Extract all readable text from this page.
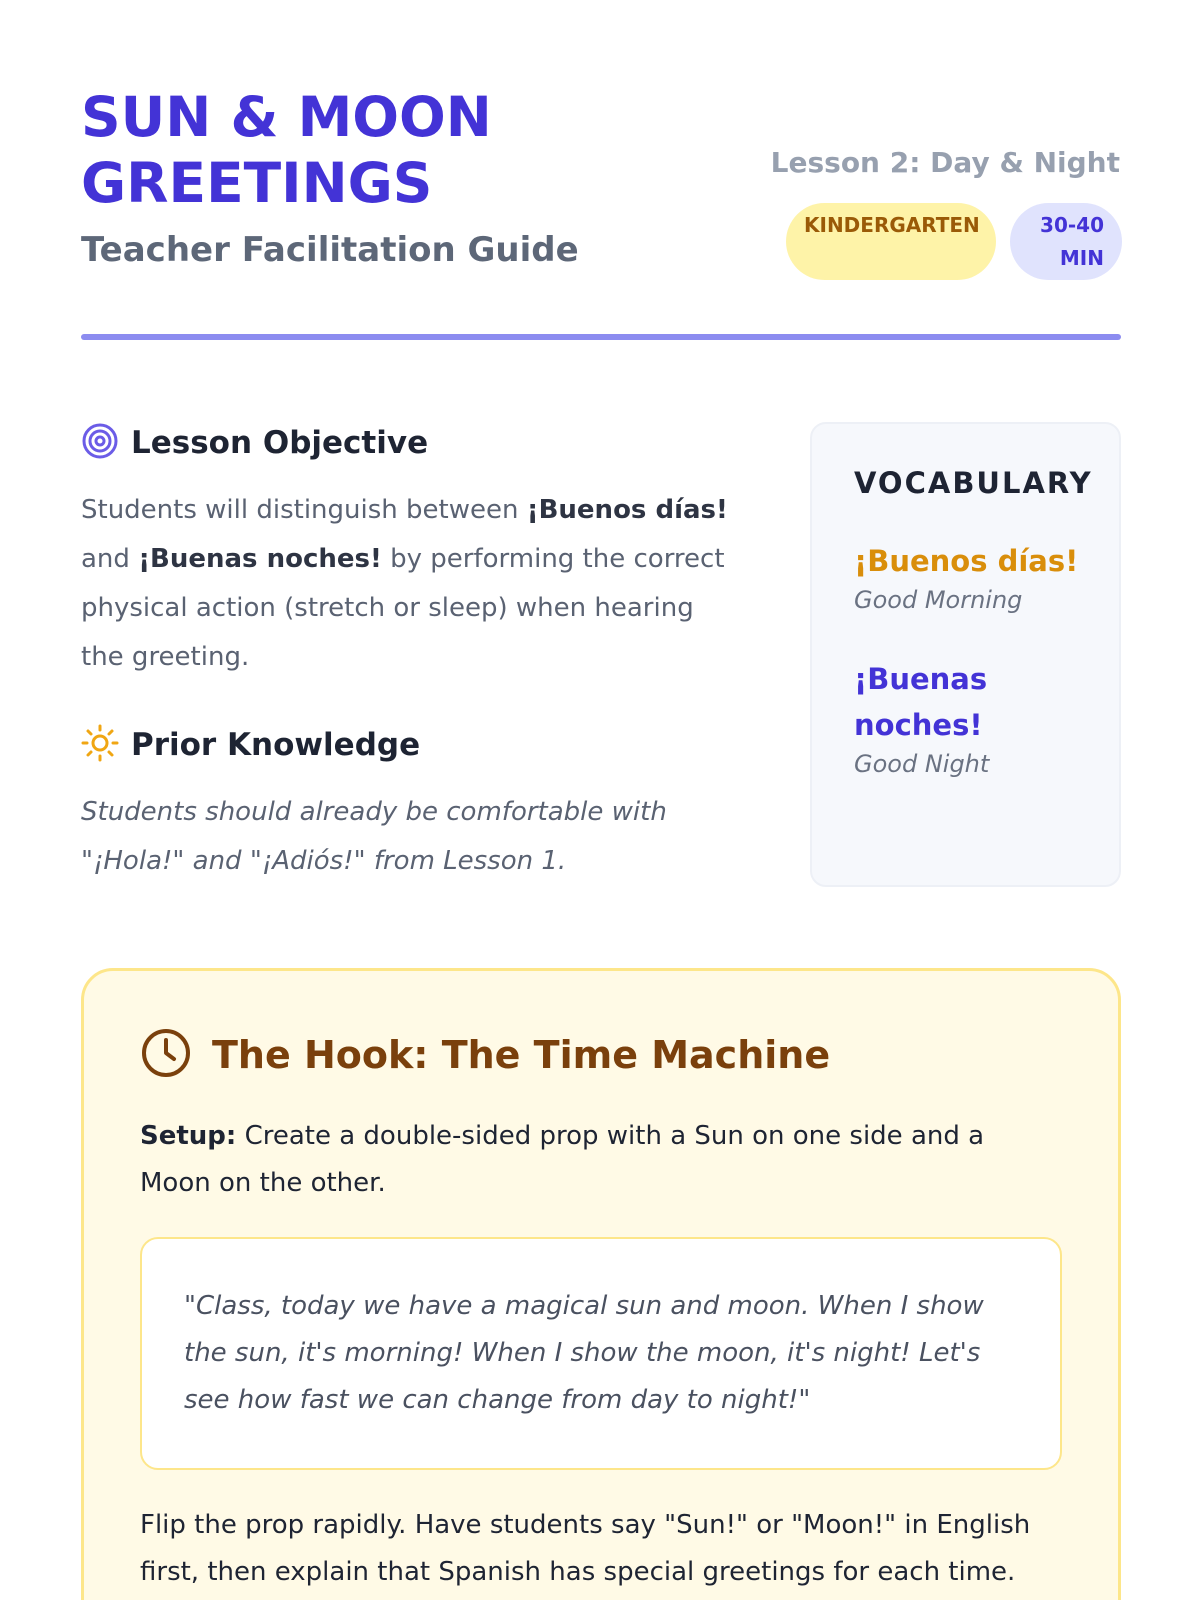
SUN & MOON GREETINGS
Teacher Facilitation Guide
Lesson 2: Day & Night
KINDERGARTEN	30-40 MIN
Lesson Objective

Students will distinguish between ¡Buenos días! and ¡Buenas noches! by performing the correct physical action (stretch or sleep) when hearing the greeting.

Prior Knowledge

Students should already be comfortable with "¡Hola!" and "¡Adiós!" from Lesson 1.

VOCABULARY
¡Buenos días!
Good Morning
¡Buenas noches!
Good Night
The Hook: The Time Machine

Setup: Create a double-sided prop with a Sun on one side and a Moon on the other.

"Class, today we have a magical sun and moon. When I show the sun, it's morning! When I show the moon, it's night! Let's see how fast we can change from day to night!"

Flip the prop rapidly. Have students say "Sun!" or "Moon!" in English first, then explain that Spanish has special greetings for each time.
